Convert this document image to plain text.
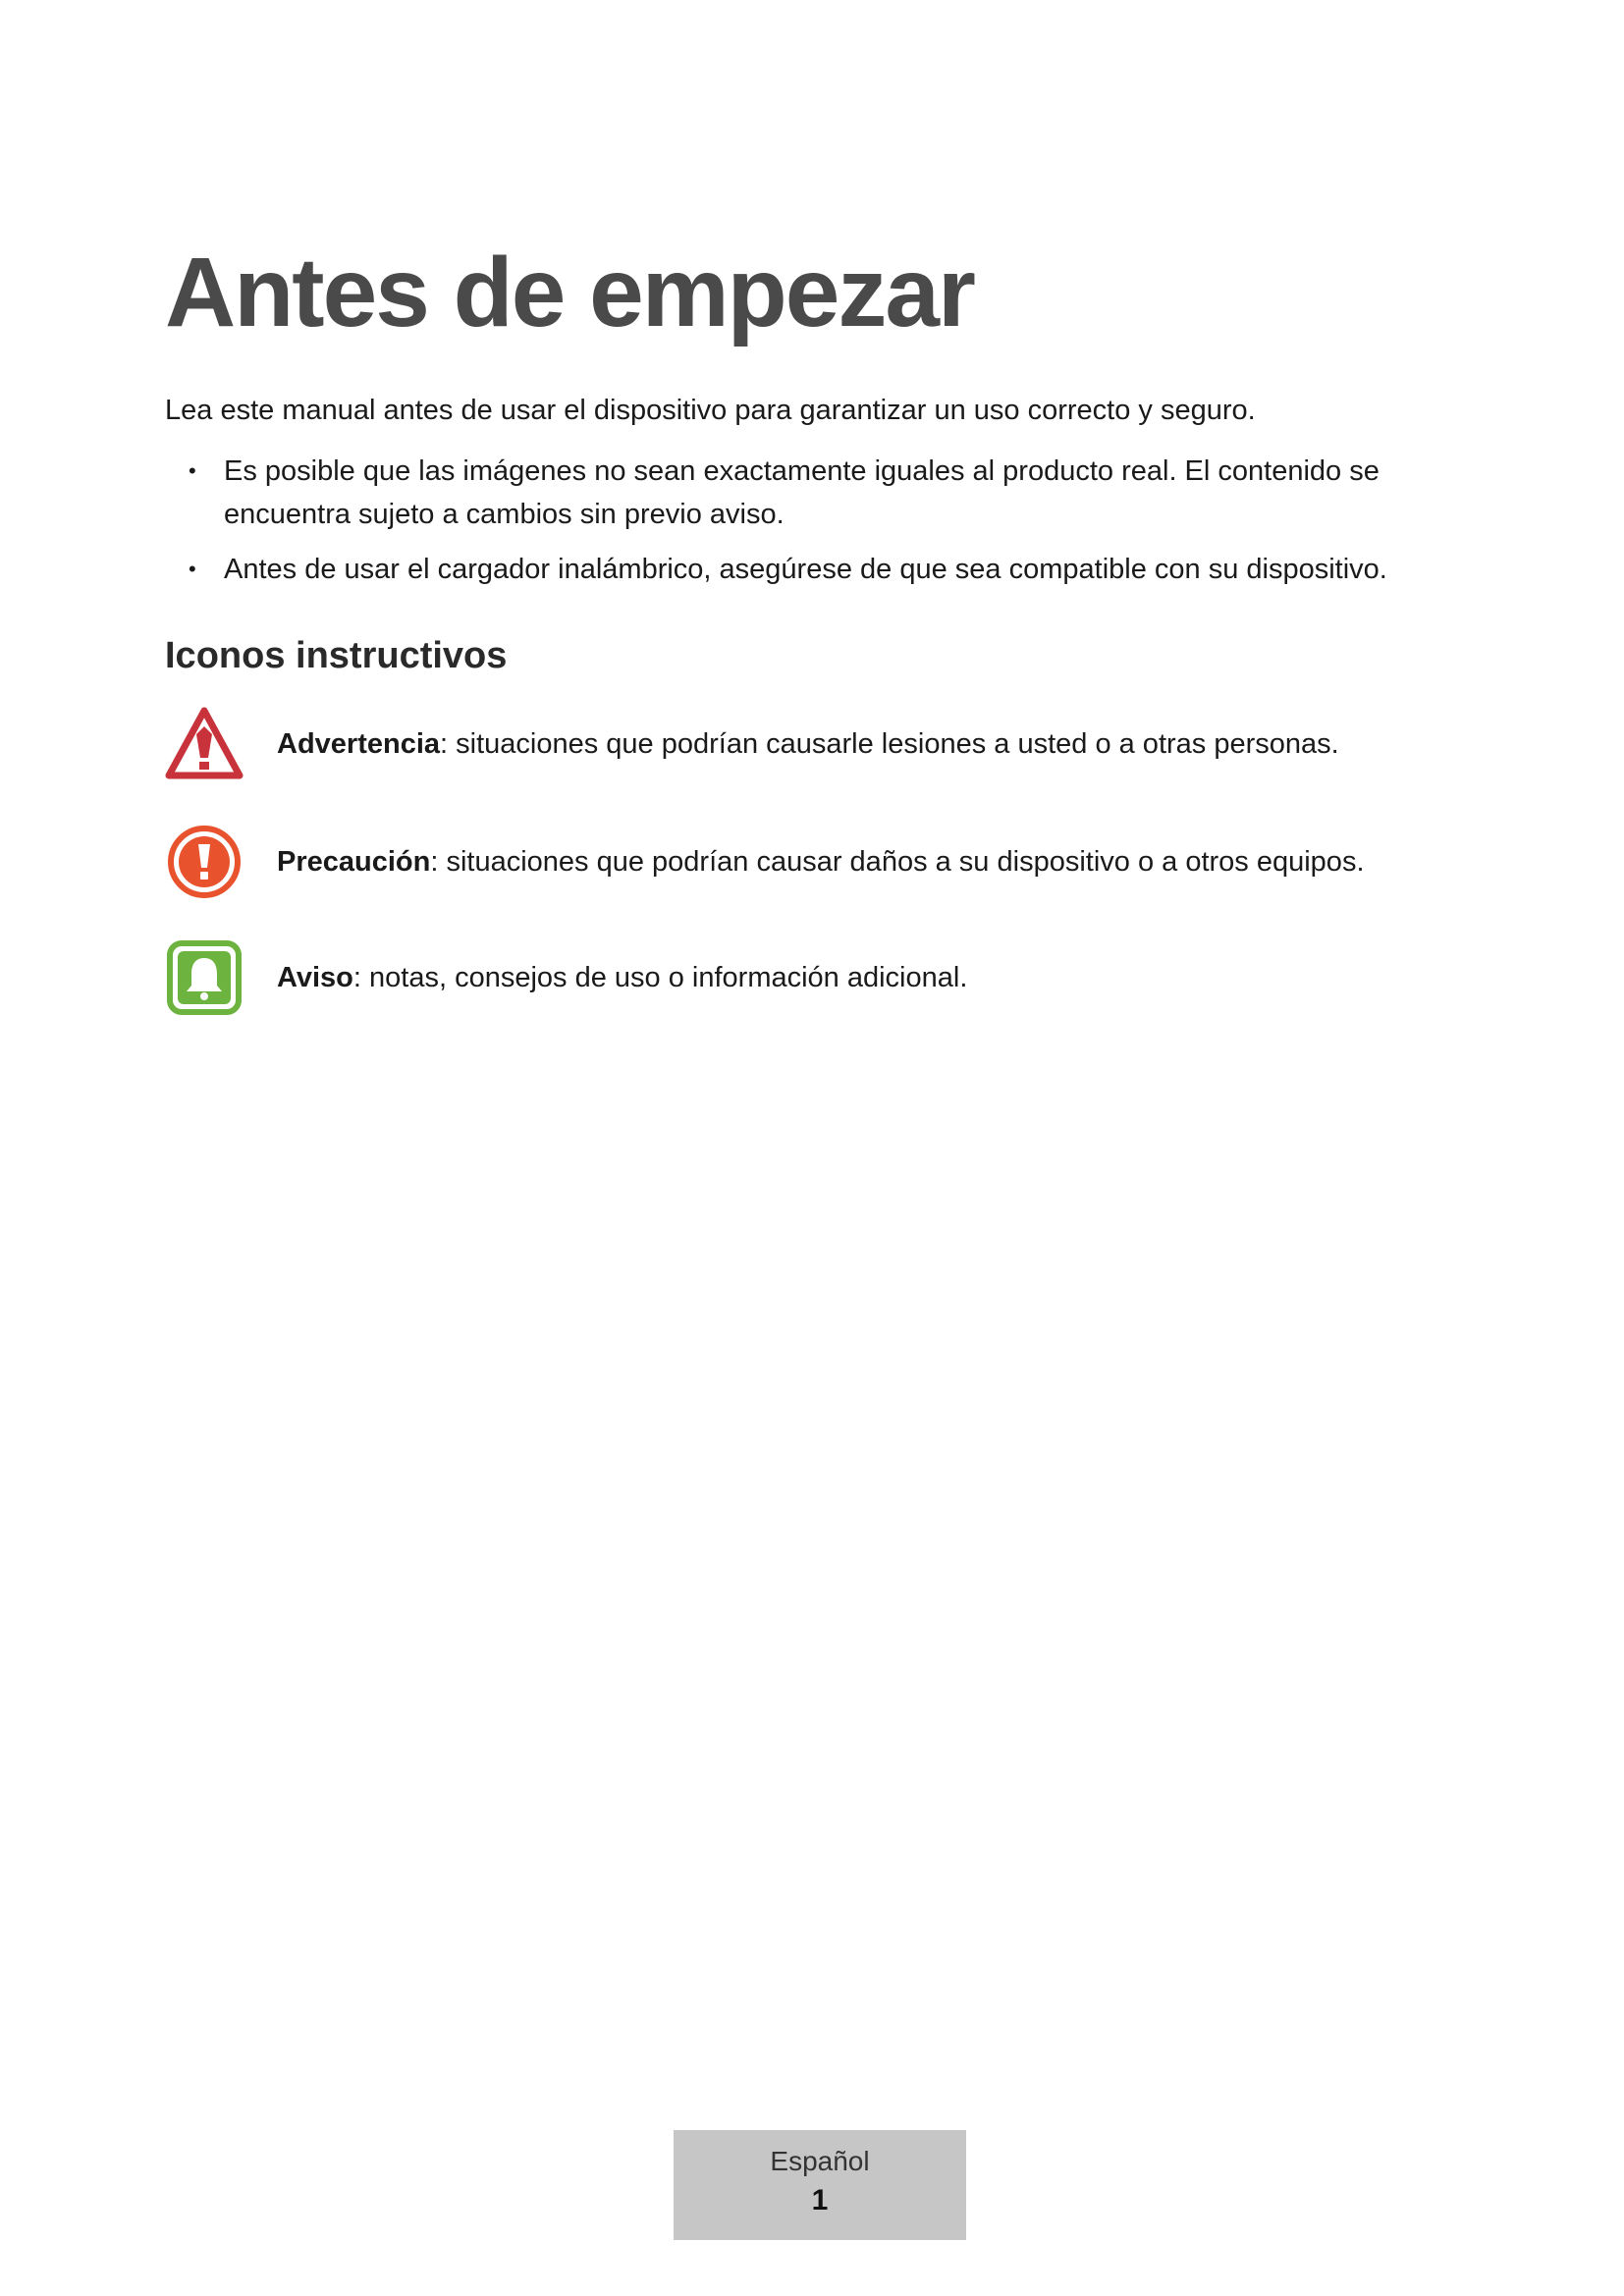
Antes de empezar

Lea este manual antes de usar el dispositivo para garantizar un uso correcto y seguro.

• Es posible que las imágenes no sean exactamente iguales al producto real. El contenido se encuentra sujeto a cambios sin previo aviso.
• Antes de usar el cargador inalámbrico, asegúrese de que sea compatible con su dispositivo.
Iconos instructivos
Advertencia: situaciones que podrían causarle lesiones a usted o a otras personas.
Precaución: situaciones que podrían causar daños a su dispositivo o a otros equipos.
Aviso: notas, consejos de uso o información adicional.
Español
1
